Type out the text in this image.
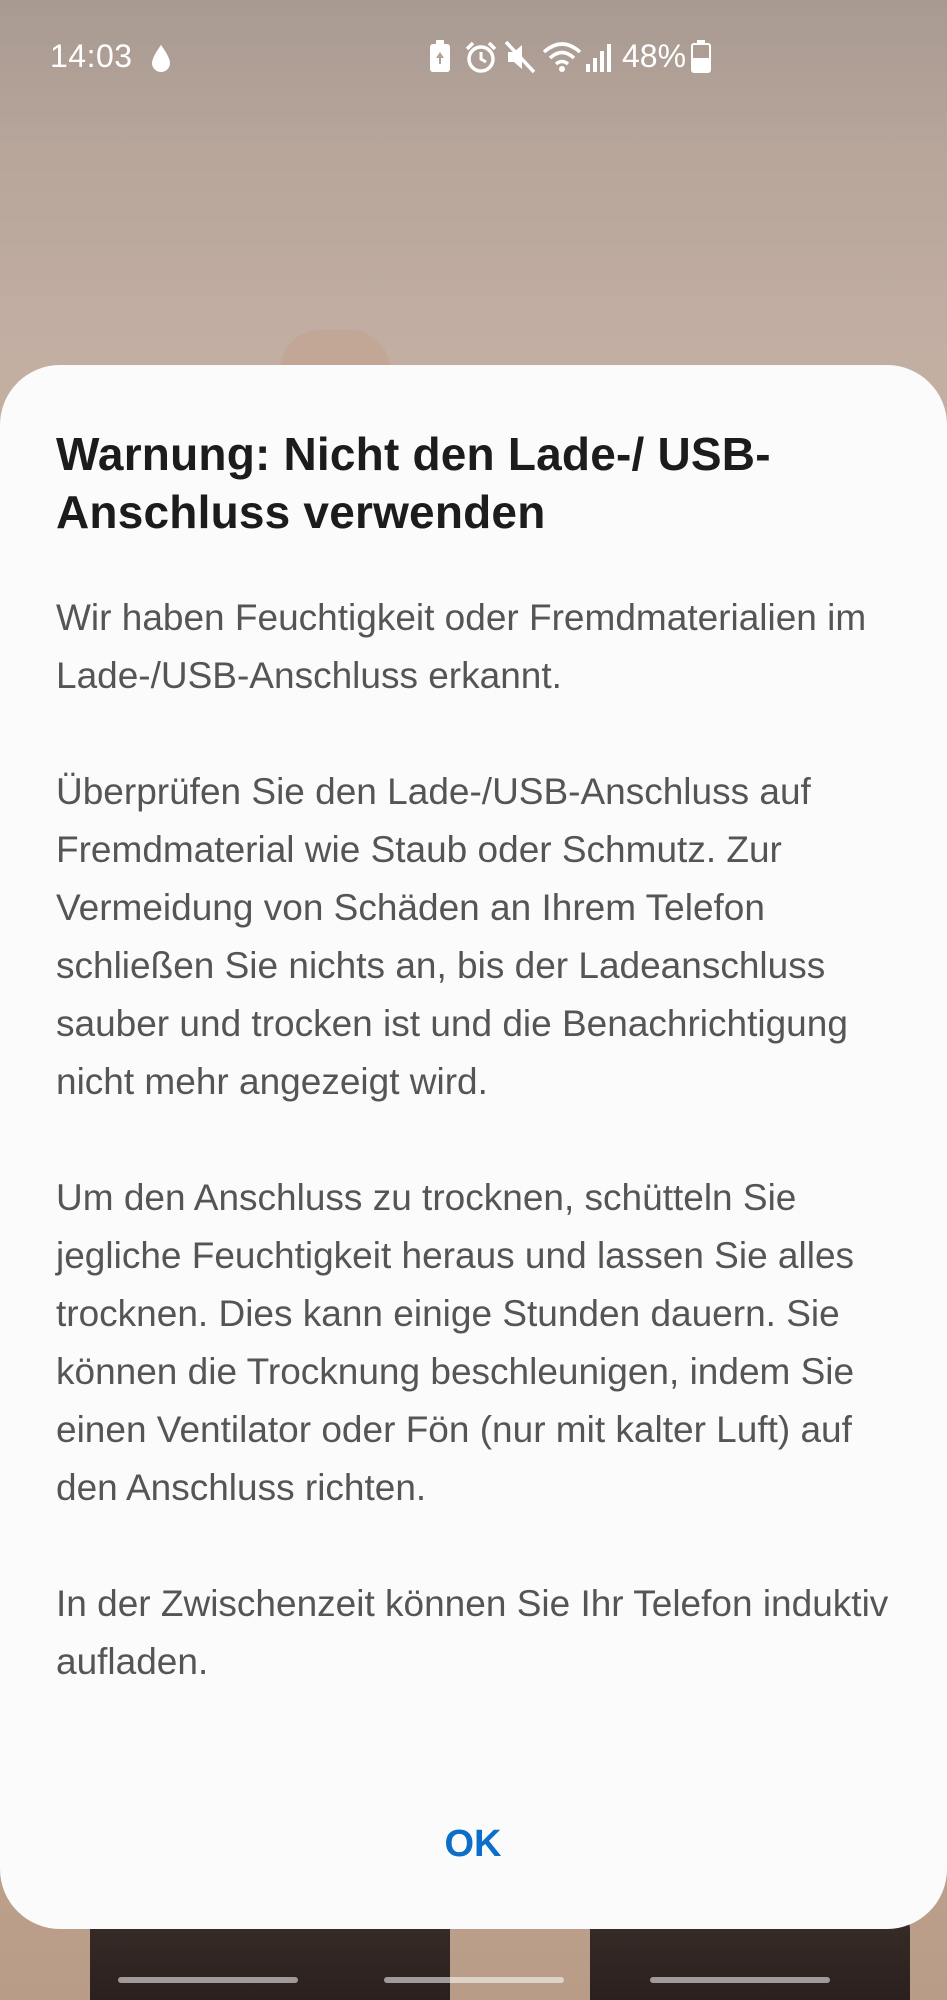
14:03	48%
Warnung: Nicht den Lade-/ USB-Anschluss verwenden

Wir haben Feuchtigkeit oder Fremdmaterialien im Lade-/USB-Anschluss erkannt.

Überprüfen Sie den Lade-/USB-Anschluss auf Fremdmaterial wie Staub oder Schmutz. Zur Vermeidung von Schäden an Ihrem Telefon schließen Sie nichts an, bis der Ladeanschluss sauber und trocken ist und die Benachrichtigung nicht mehr angezeigt wird.

Um den Anschluss zu trocknen, schütteln Sie jegliche Feuchtigkeit heraus und lassen Sie alles trocknen. Dies kann einige Stunden dauern. Sie können die Trocknung beschleunigen, indem Sie einen Ventilator oder Fön (nur mit kalter Luft) auf den Anschluss richten.

In der Zwischenzeit können Sie Ihr Telefon induktiv aufladen.

OK
